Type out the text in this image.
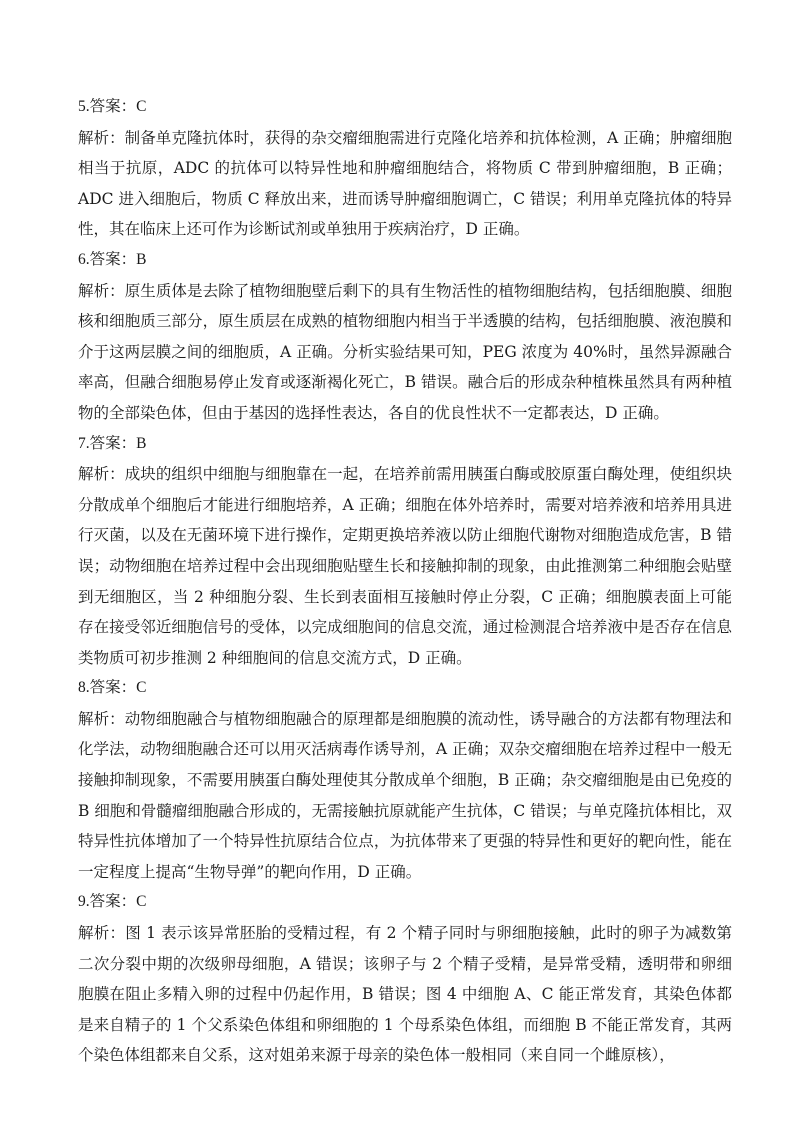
5.答案：C

解析：制备单克隆抗体时，获得的杂交瘤细胞需进行克隆化培养和抗体检测，A 正确；肿瘤细胞相当于抗原，ADC 的抗体可以特异性地和肿瘤细胞结合，将物质 C 带到肿瘤细胞，B 正确；ADC 进入细胞后，物质 C 释放出来，进而诱导肿瘤细胞调亡，C 错误；利用单克隆抗体的特异性，其在临床上还可作为诊断试剂或单独用于疾病治疗，D 正确。

6.答案：B

解析：原生质体是去除了植物细胞壁后剩下的具有生物活性的植物细胞结构，包括细胞膜、细胞核和细胞质三部分，原生质层在成熟的植物细胞内相当于半透膜的结构，包括细胞膜、液泡膜和介于这两层膜之间的细胞质，A 正确。分析实验结果可知，PEG 浓度为 40%时，虽然异源融合率高，但融合细胞易停止发育或逐渐褐化死亡，B 错误。融合后的形成杂种植株虽然具有两种植物的全部染色体，但由于基因的选择性表达，各自的优良性状不一定都表达，D 正确。

7.答案：B

解析：成块的组织中细胞与细胞靠在一起，在培养前需用胰蛋白酶或胶原蛋白酶处理，使组织块分散成单个细胞后才能进行细胞培养，A 正确；细胞在体外培养时，需要对培养液和培养用具进行灭菌，以及在无菌环境下进行操作，定期更换培养液以防止细胞代谢物对细胞造成危害，B 错误；动物细胞在培养过程中会出现细胞贴壁生长和接触抑制的现象，由此推测第二种细胞会贴壁到无细胞区，当 2 种细胞分裂、生长到表面相互接触时停止分裂，C 正确；细胞膜表面上可能存在接受邻近细胞信号的受体，以完成细胞间的信息交流，通过检测混合培养液中是否存在信息类物质可初步推测 2 种细胞间的信息交流方式，D 正确。

8.答案：C

解析：动物细胞融合与植物细胞融合的原理都是细胞膜的流动性，诱导融合的方法都有物理法和化学法，动物细胞融合还可以用灭活病毒作诱导剂，A 正确；双杂交瘤细胞在培养过程中一般无接触抑制现象，不需要用胰蛋白酶处理使其分散成单个细胞，B 正确；杂交瘤细胞是由已免疫的 B 细胞和骨髓瘤细胞融合形成的，无需接触抗原就能产生抗体，C 错误；与单克隆抗体相比，双特异性抗体增加了一个特异性抗原结合位点，为抗体带来了更强的特异性和更好的靶向性，能在一定程度上提高“生物导弹”的靶向作用，D 正确。

9.答案：C

解析：图 1 表示该异常胚胎的受精过程，有 2 个精子同时与卵细胞接触，此时的卵子为减数第二次分裂中期的次级卵母细胞，A 错误；该卵子与 2 个精子受精，是异常受精，透明带和卵细胞膜在阻止多精入卵的过程中仍起作用，B 错误；图 4 中细胞 A、C 能正常发育，其染色体都是来自精子的 1 个父系染色体组和卵细胞的 1 个母系染色体组，而细胞 B 不能正常发育，其两个染色体组都来自父系，这对姐弟来源于母亲的染色体一般相同（来自同一个雌原核），
